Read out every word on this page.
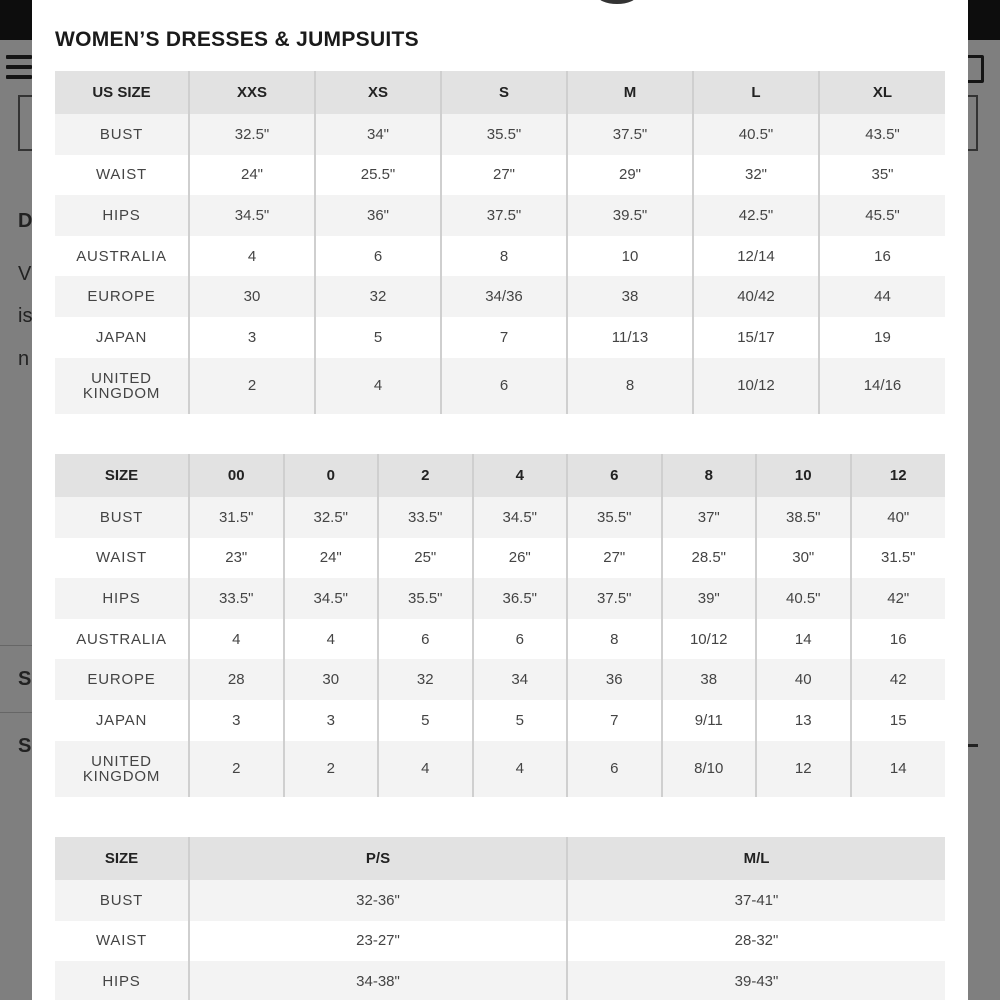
D
V
is
n
S
S
WOMEN’S DRESSES & JUMPSUITS
US SIZE	XXS	XS	S	M	L	XL
BUST	32.5"	34"	35.5"	37.5"	40.5"	43.5"
WAIST	24"	25.5"	27"	29"	32"	35"
HIPS	34.5"	36"	37.5"	39.5"	42.5"	45.5"
AUSTRALIA	4	6	8	10	12/14	16
EUROPE	30	32	34/36	38	40/42	44
JAPAN	3	5	7	11/13	15/17	19
UNITED KINGDOM	2	4	6	8	10/12	14/16
SIZE	00	0	2	4	6	8	10	12
BUST	31.5"	32.5"	33.5"	34.5"	35.5"	37"	38.5"	40"
WAIST	23"	24"	25"	26"	27"	28.5"	30"	31.5"
HIPS	33.5"	34.5"	35.5"	36.5"	37.5"	39"	40.5"	42"
AUSTRALIA	4	4	6	6	8	10/12	14	16
EUROPE	28	30	32	34	36	38	40	42
JAPAN	3	3	5	5	7	9/11	13	15
UNITED KINGDOM	2	2	4	4	6	8/10	12	14
SIZE	P/S	M/L
BUST	32-36"	37-41"
WAIST	23-27"	28-32"
HIPS	34-38"	39-43"
